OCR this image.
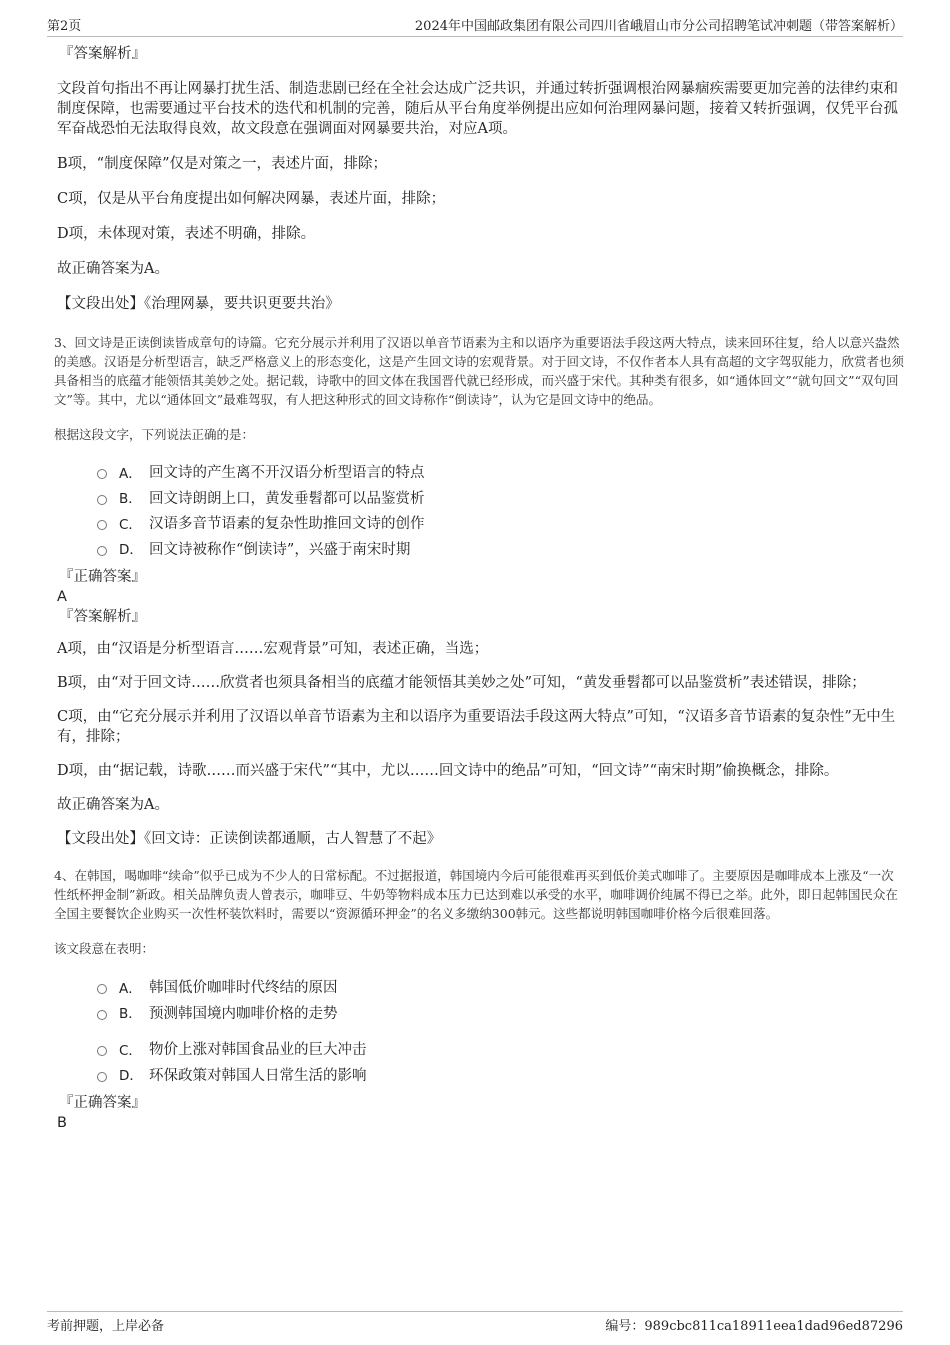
第2页	2024年中国邮政集团有限公司四川省峨眉山市分公司招聘笔试冲刺题（带答案解析）

『答案解析』

文段首句指出不再让网暴打扰生活、制造悲剧已经在全社会达成广泛共识，并通过转折强调根治网暴痼疾需要更加完善的法律约束和制度保障，也需要通过平台技术的迭代和机制的完善，随后从平台角度举例提出应如何治理网暴问题，接着又转折强调，仅凭平台孤军奋战恐怕无法取得良效，故文段意在强调面对网暴要共治，对应A项。

B项，“制度保障”仅是对策之一，表述片面，排除；

C项，仅是从平台角度提出如何解决网暴，表述片面，排除；

D项，未体现对策，表述不明确，排除。

故正确答案为A。

【文段出处】《治理网暴，要共识更要共治》

3、回文诗是正读倒读皆成章句的诗篇。它充分展示并利用了汉语以单音节语素为主和以语序为重要语法手段这两大特点，读来回环往复，给人以意兴盎然的美感。汉语是分析型语言，缺乏严格意义上的形态变化，这是产生回文诗的宏观背景。对于回文诗，不仅作者本人具有高超的文字驾驭能力，欣赏者也须具备相当的底蕴才能领悟其美妙之处。据记载，诗歌中的回文体在我国晋代就已经形成，而兴盛于宋代。其种类有很多，如“通体回文”“就句回文”“双句回文”等。其中，尤以“通体回文”最难驾驭，有人把这种形式的回文诗称作“倒读诗”，认为它是回文诗中的绝品。

根据这段文字，下列说法正确的是：

A． 回文诗的产生离不开汉语分析型语言的特点
B． 回文诗朗朗上口，黄发垂髫都可以品鉴赏析
C． 汉语多音节语素的复杂性助推回文诗的创作
D． 回文诗被称作“倒读诗”，兴盛于南宋时期

『正确答案』

A

『答案解析』

A项，由“汉语是分析型语言……宏观背景”可知，表述正确，当选；

B项，由“对于回文诗……欣赏者也须具备相当的底蕴才能领悟其美妙之处”可知，“黄发垂髫都可以品鉴赏析”表述错误，排除；

C项，由“它充分展示并利用了汉语以单音节语素为主和以语序为重要语法手段这两大特点”可知，“汉语多音节语素的复杂性”无中生有，排除；

D项，由“据记载，诗歌……而兴盛于宋代”“其中，尤以……回文诗中的绝品”可知，“回文诗”“南宋时期”偷换概念，排除。

故正确答案为A。

【文段出处】《回文诗：正读倒读都通顺，古人智慧了不起》

4、在韩国，喝咖啡“续命”似乎已成为不少人的日常标配。不过据报道，韩国境内今后可能很难再买到低价美式咖啡了。主要原因是咖啡成本上涨及“一次性纸杯押金制”新政。相关品牌负责人曾表示，咖啡豆、牛奶等物料成本压力已达到难以承受的水平，咖啡调价纯属不得已之举。此外，即日起韩国民众在全国主要餐饮企业购买一次性杯装饮料时，需要以“资源循环押金”的名义多缴纳300韩元。这些都说明韩国咖啡价格今后很难回落。

该文段意在表明：

A． 韩国低价咖啡时代终结的原因
B． 预测韩国境内咖啡价格的走势
C． 物价上涨对韩国食品业的巨大冲击
D． 环保政策对韩国人日常生活的影响

『正确答案』

B

考前押题，上岸必备	编号：989cbc811ca18911eea1dad96ed87296
